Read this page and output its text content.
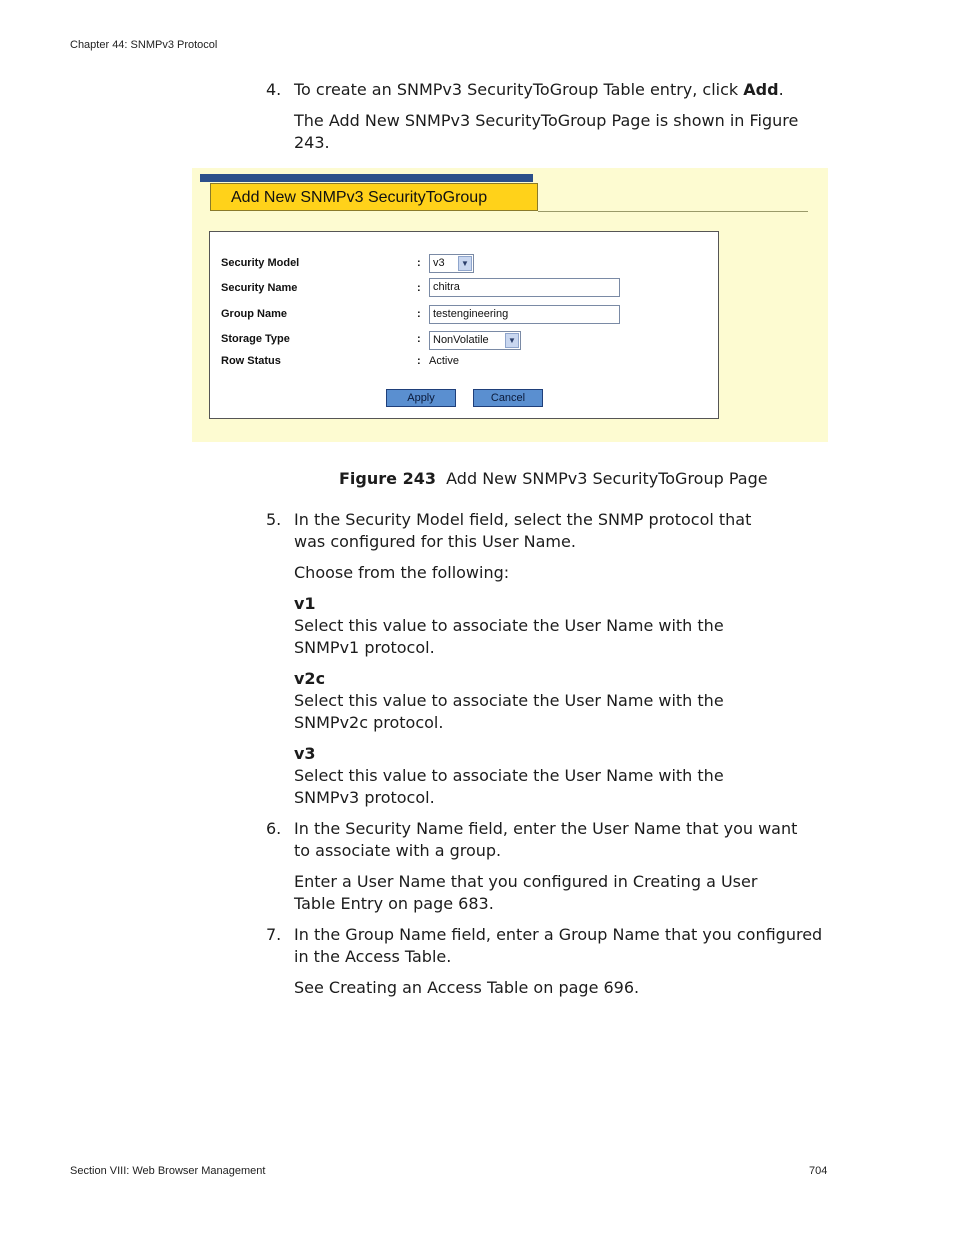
Chapter 44: SNMPv3 Protocol
4. To create an SNMPv3 SecurityToGroup Table entry, click Add.
The Add New SNMPv3 SecurityToGroup Page is shown in Figure 243.
Add New SNMPv3 SecurityToGroup
Security Model	:	v3	▼
Security Name	:	chitra
Group Name	:	testengineering
Storage Type	:	NonVolatile	▼
Row Status	: Active
Apply	Cancel
Figure 243 Add New SNMPv3 SecurityToGroup Page
5. In the Security Model field, select the SNMP protocol that was configured for this User Name.
Choose from the following:
v1
Select this value to associate the User Name with the SNMPv1 protocol.
v2c
Select this value to associate the User Name with the SNMPv2c protocol.
v3
Select this value to associate the User Name with the SNMPv3 protocol.
6. In the Security Name field, enter the User Name that you want to associate with a group.
Enter a User Name that you configured in Creating a User Table Entry on page 683.
7. In the Group Name field, enter a Group Name that you configured in the Access Table.
See Creating an Access Table on page 696.
Section VIII: Web Browser Management	704
